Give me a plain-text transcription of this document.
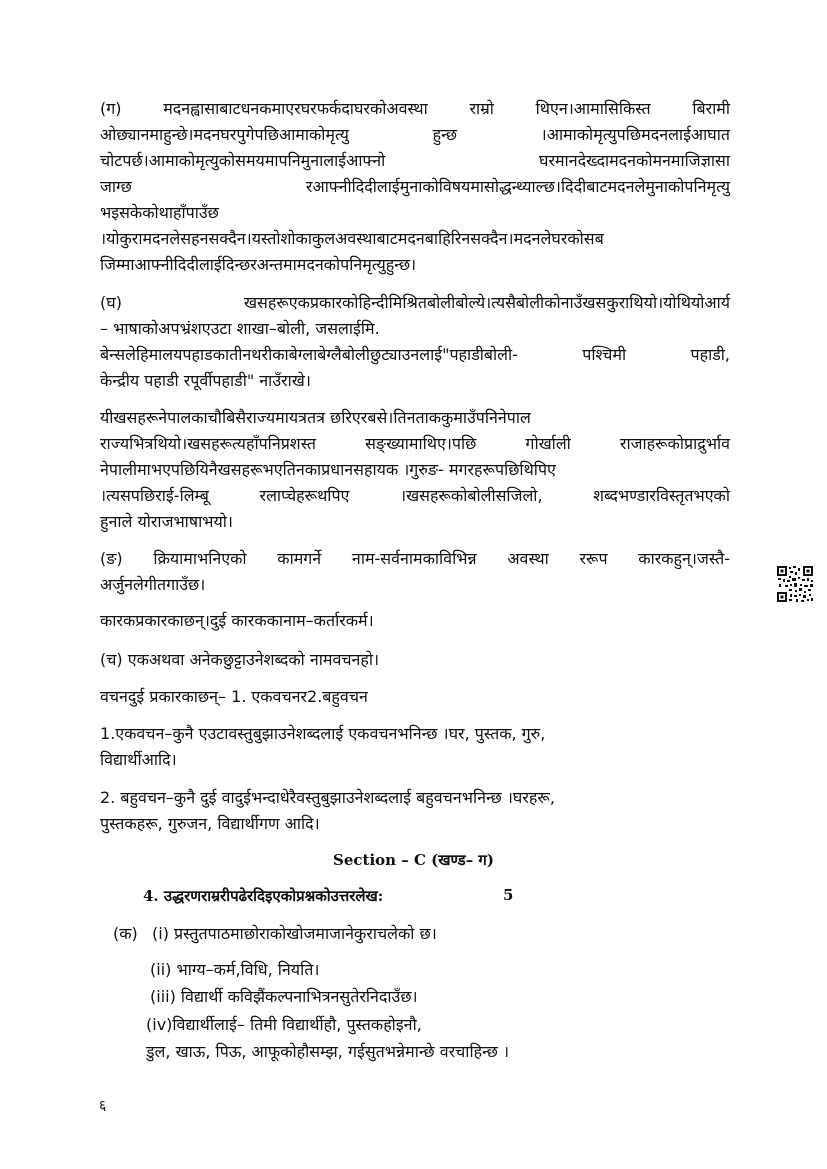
(ग) मदनह्वासाबाटधनकमाएरघरफर्कदाघरकोअवस्था राम्रो थिएन।आमासिकिस्त बिरामी
ओछ्यानमाहुन्छे।मदनघरपुगेपछिआमाकोमृत्यु हुन्छ ।आमाकोमृत्युपछिमदनलाईआघात
चोटपर्छ।आमाकोमृत्युकोसमयमापनिमुनालाईआफ्नो घरमानदेख्दामदनकोमनमाजिज्ञासा
जाग्छ रआफ्नीदिदीलाईमुनाकोविषयमासोद्धन्थ्याल्छ।दिदीबाटमदनलेमुनाकोपनिमृत्यु
भइसकेकोथाहाँपाउँछ
।योकुरामदनलेसहनसक्दैन।यस्तोशोकाकुलअवस्थाबाटमदनबाहिरिनसक्दैन।मदनलेघरकोसब
जिम्माआफ्नीदिदीलाईदिन्छरअन्तमामदनकोपनिमृत्युहुन्छ।
(घ) खसहरूएकप्रकारकोहिन्दीमिश्रितबोलीबोल्ये।त्यसैबोलीकोनाउँखसकुराथियो।योथियोआर्य
– भाषाकोअपभ्रंशएउटा शाखा–बोली, जसलाईमि.
बेन्सलेहिमालयपहाडकातीनथरीकाबेग्लाबेग्लैबोलीछुट्याउनलाई"पहाडीबोली- पश्चिमी पहाडी,
केन्द्रीय पहाडी रपूर्वीपहाडी" नाउँराखे।
यीखसहरूनेपालकाचौबिसैराज्यमायत्रतत्र छरिएरबसे।तिनताककुमाउँपनिनेपाल
राज्यभित्रथियो।खसहरूत्यहाँपनिप्रशस्त सङ्ख्यामाथिए।पछि गोर्खाली राजाहरूकोप्राद्रुर्भाव
नेपालीमाभएपछियिनैखसहरूभएतिनकाप्रधानसहायक ।गुरुङ- मगरहरूपछिथिपिए
।त्यसपछिराई-लिम्बू रलाप्चेहरूथपिए ।खसहरूकोबोलीसजिलो, शब्दभण्डारविस्तृतभएको
हुनाले योराजभाषाभयो।
(ङ) क्रियामाभनिएको कामगर्ने नाम-सर्वनामकाविभिन्न अवस्था ररूप कारकहुन्।जस्तै-
अर्जुनलेगीतगाउँछ।
कारकप्रकारकाछन्।दुई कारककानाम–कर्तारकर्म।
(च) एकअथवा अनेकछुट्टाउनेशब्दको नामवचनहो।
वचनदुई प्रकारकाछन्– 1. एकवचनर2.बहुवचन
1.एकवचन–कुनै एउटावस्तुबुझाउनेशब्दलाई एकवचनभनिन्छ ।घर, पुस्तक, गुरु,
विद्यार्थीआदि।
2. बहुवचन–कुनै दुई वादुईभन्दाधेरैवस्तुबुझाउनेशब्दलाई बहुवचनभनिन्छ ।घरहरू,
पुस्तकहरू, गुरुजन, विद्यार्थीगण आदि।
Section – C (खण्ड– ग)
4. उद्धरणराम्ररीपढेरदिइएकोप्रश्नकोउत्तरलेख:	5
(क) (i) प्रस्तुतपाठमाछोराकोखोजमाजानेकुराचलेको छ।
(ii) भाग्य–कर्म,विधि, नियति।
(iii) विद्यार्थी कविझैंकल्पनाभित्रनसुतेरनिदाउँछ।
(iv)विद्यार्थीलाई– तिमी विद्यार्थीहौ, पुस्तकहोइनौ,
डुल, खाऊ, पिऊ, आफूकोहौसम्झ, गईसुतभन्नेमान्छे वरचाहिन्छ ।
६
